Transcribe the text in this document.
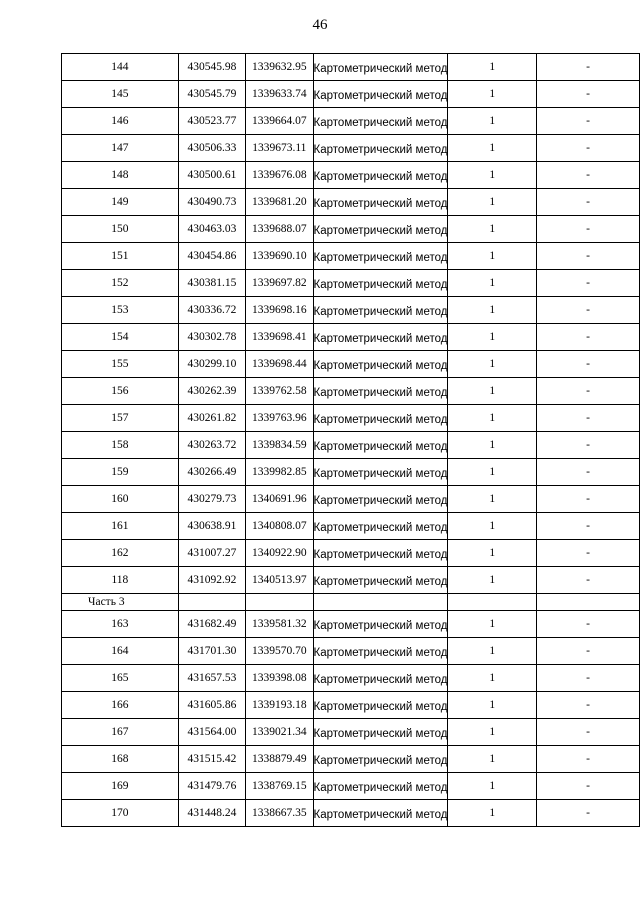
46
144	430545.98	1339632.95	Картометрический метод	1	-
145	430545.79	1339633.74	Картометрический метод	1	-
146	430523.77	1339664.07	Картометрический метод	1	-
147	430506.33	1339673.11	Картометрический метод	1	-
148	430500.61	1339676.08	Картометрический метод	1	-
149	430490.73	1339681.20	Картометрический метод	1	-
150	430463.03	1339688.07	Картометрический метод	1	-
151	430454.86	1339690.10	Картометрический метод	1	-
152	430381.15	1339697.82	Картометрический метод	1	-
153	430336.72	1339698.16	Картометрический метод	1	-
154	430302.78	1339698.41	Картометрический метод	1	-
155	430299.10	1339698.44	Картометрический метод	1	-
156	430262.39	1339762.58	Картометрический метод	1	-
157	430261.82	1339763.96	Картометрический метод	1	-
158	430263.72	1339834.59	Картометрический метод	1	-
159	430266.49	1339982.85	Картометрический метод	1	-
160	430279.73	1340691.96	Картометрический метод	1	-
161	430638.91	1340808.07	Картометрический метод	1	-
162	431007.27	1340922.90	Картометрический метод	1	-
118	431092.92	1340513.97	Картометрический метод	1	-
Часть 3					
163	431682.49	1339581.32	Картометрический метод	1	-
164	431701.30	1339570.70	Картометрический метод	1	-
165	431657.53	1339398.08	Картометрический метод	1	-
166	431605.86	1339193.18	Картометрический метод	1	-
167	431564.00	1339021.34	Картометрический метод	1	-
168	431515.42	1338879.49	Картометрический метод	1	-
169	431479.76	1338769.15	Картометрический метод	1	-
170	431448.24	1338667.35	Картометрический метод	1	-
